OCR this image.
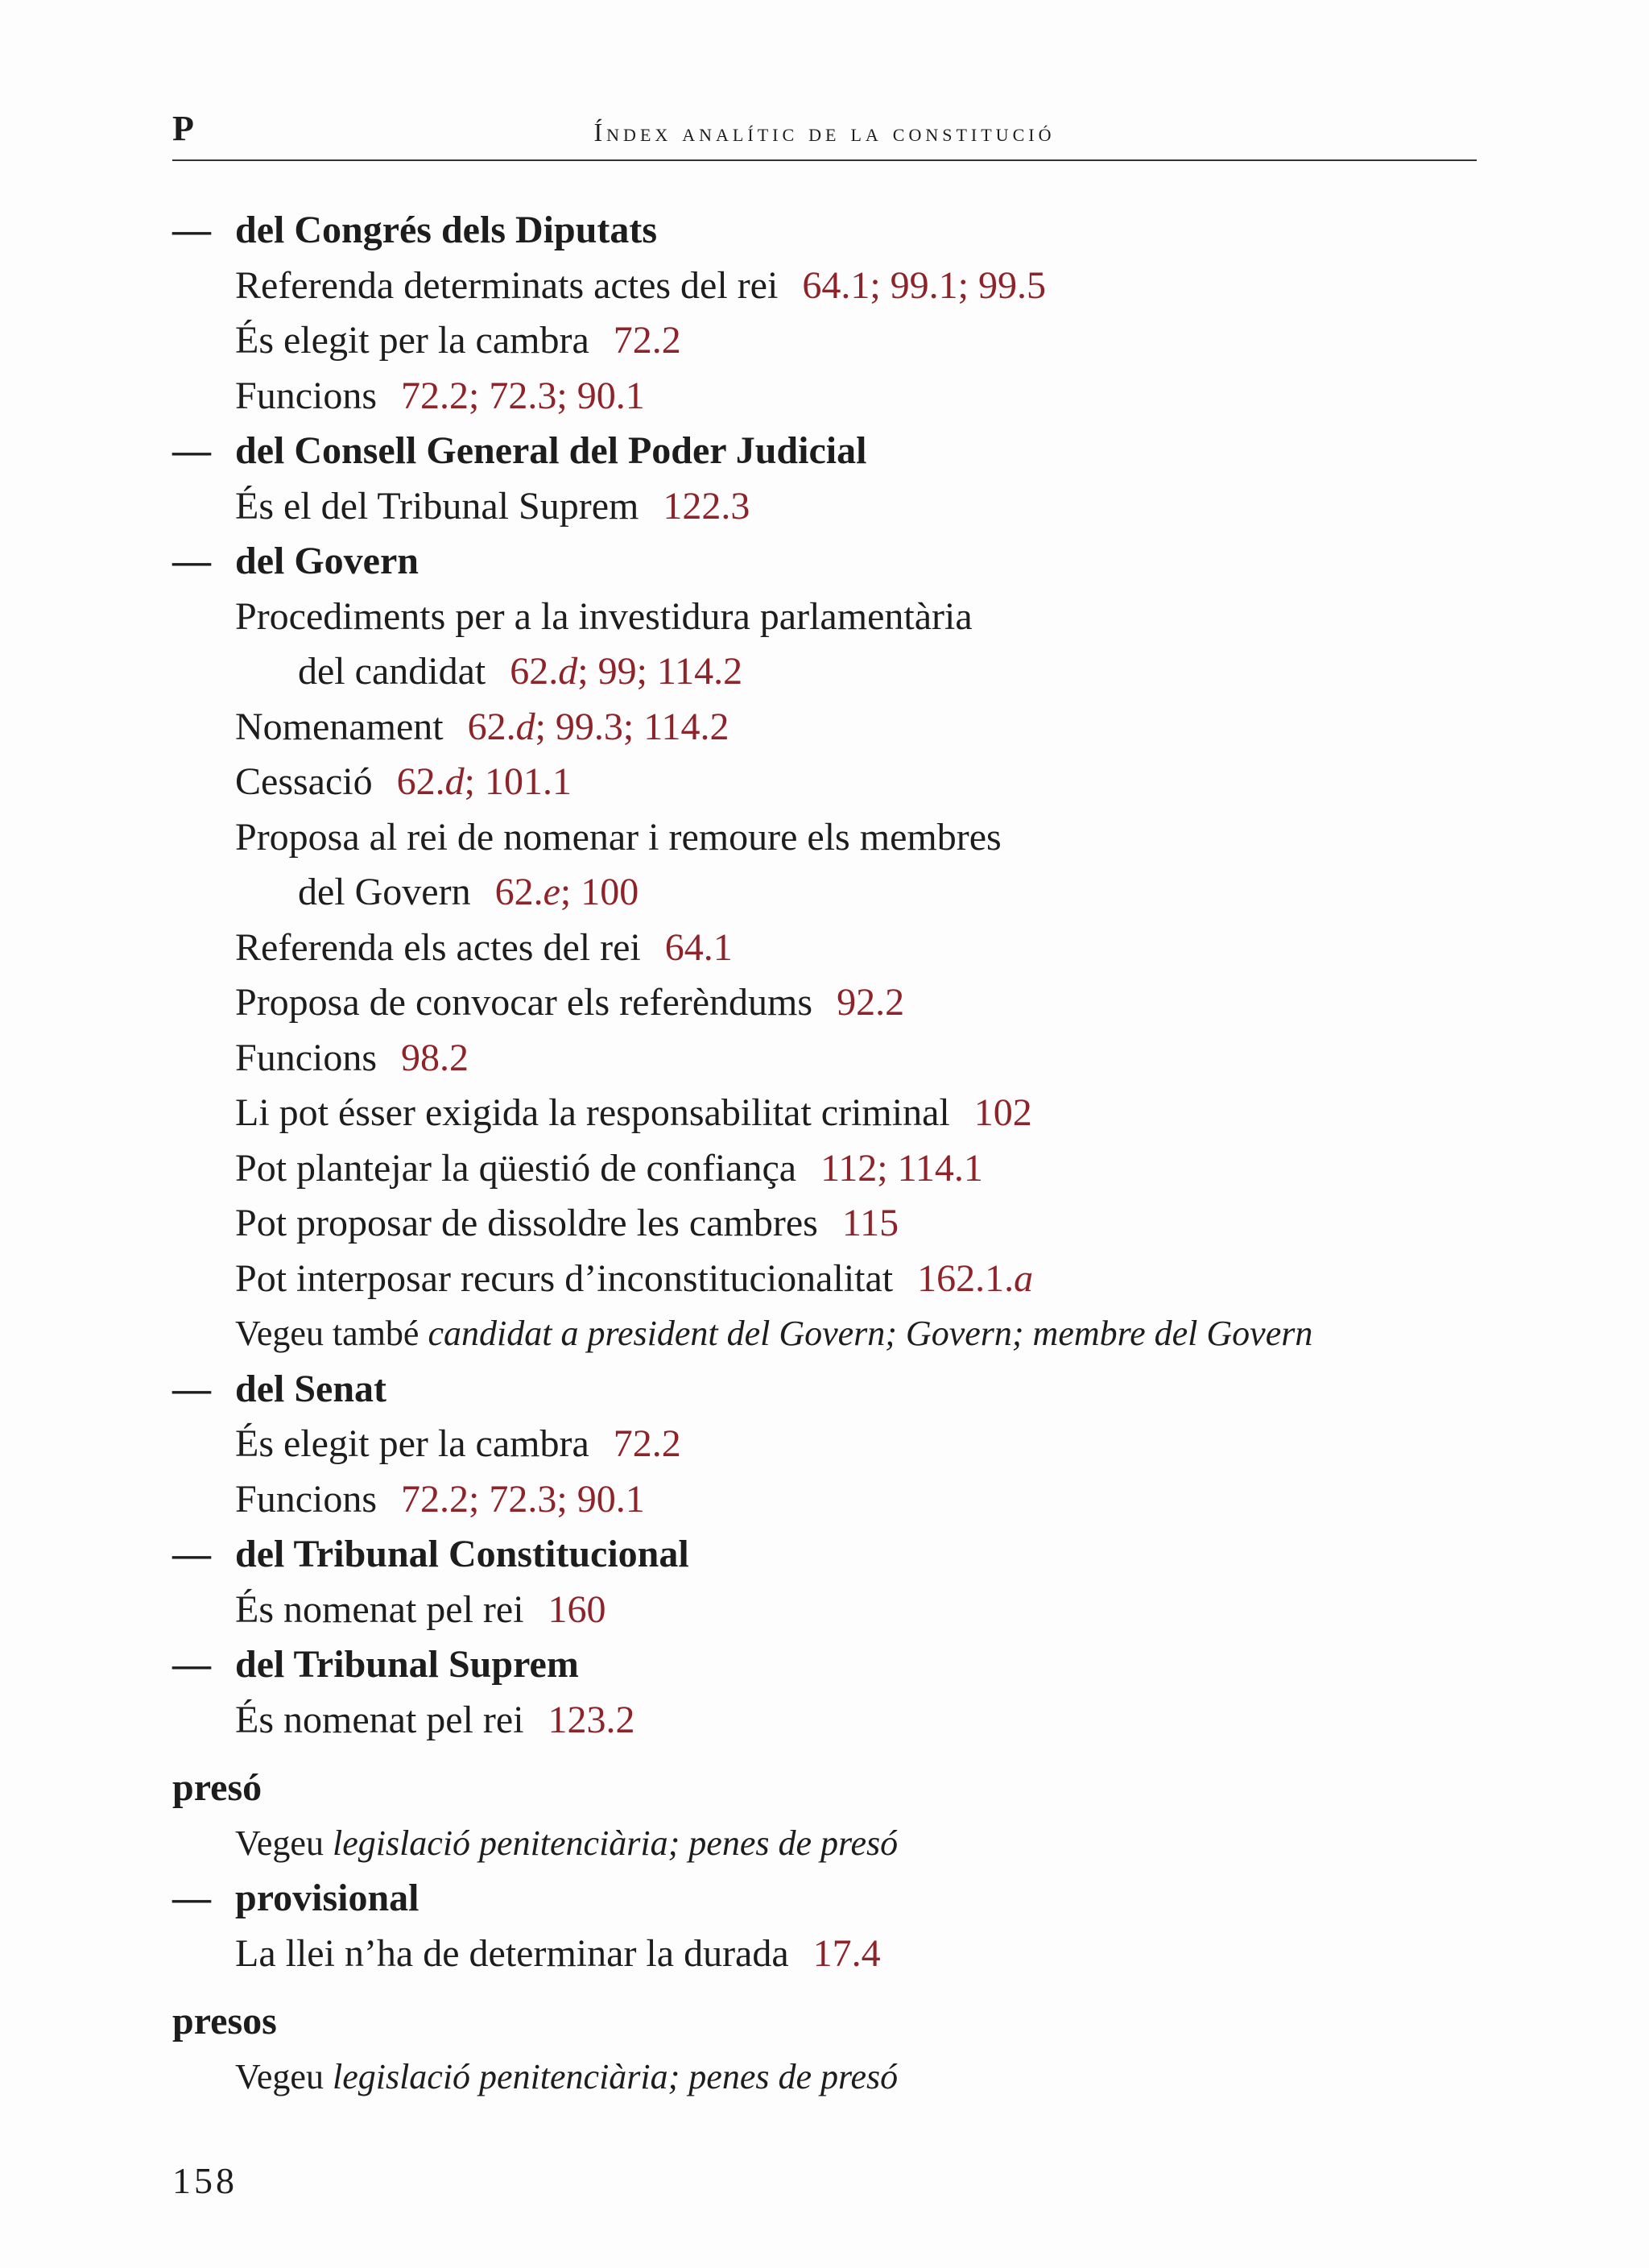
P	Índex analític de la constitució
— del Congrés dels Diputats
Referenda determinats actes del rei 64.1; 99.1; 99.5
És elegit per la cambra 72.2
Funcions 72.2; 72.3; 90.1
— del Consell General del Poder Judicial
És el del Tribunal Suprem 122.3
— del Govern
Procediments per a la investidura parlamentària
del candidat 62.d; 99; 114.2
Nomenament 62.d; 99.3; 114.2
Cessació 62.d; 101.1
Proposa al rei de nomenar i remoure els membres
del Govern 62.e; 100
Referenda els actes del rei 64.1
Proposa de convocar els referèndums 92.2
Funcions 98.2
Li pot ésser exigida la responsabilitat criminal 102
Pot plantejar la qüestió de confiança 112; 114.1
Pot proposar de dissoldre les cambres 115
Pot interposar recurs d’inconstitucionalitat 162.1.a
Vegeu també candidat a president del Govern; Govern; membre del Govern
— del Senat
És elegit per la cambra 72.2
Funcions 72.2; 72.3; 90.1
— del Tribunal Constitucional
És nomenat pel rei 160
— del Tribunal Suprem
És nomenat pel rei 123.2
presó
Vegeu legislació penitenciària; penes de presó
— provisional
La llei n’ha de determinar la durada 17.4
presos
Vegeu legislació penitenciària; penes de presó
158
